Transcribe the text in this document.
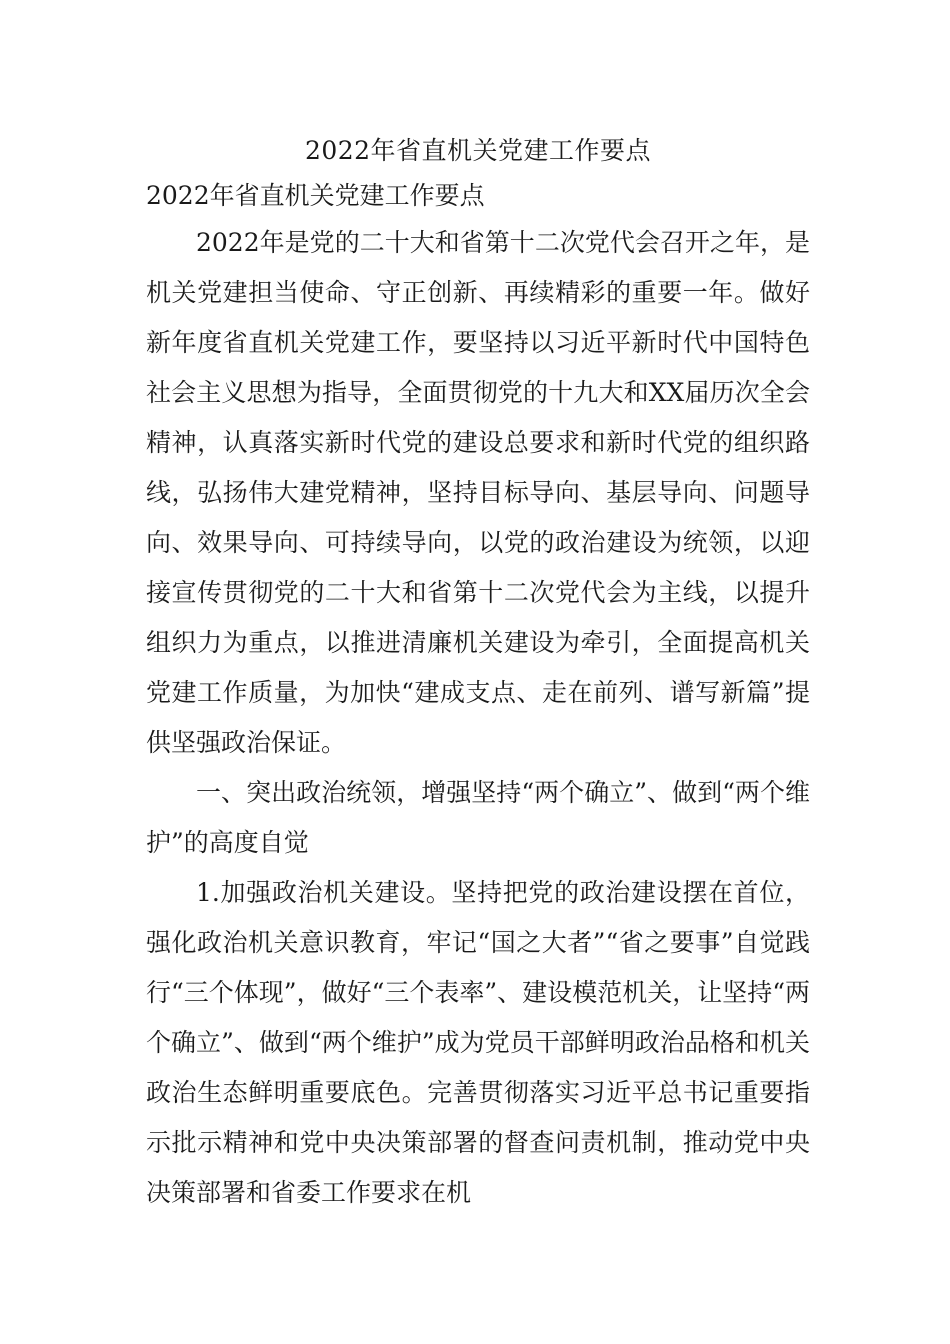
2022年省直机关党建工作要点

2022年省直机关党建工作要点

2022年是党的二十大和省第十二次党代会召开之年，是机关党建担当使命、守正创新、再续精彩的重要一年。做好新年度省直机关党建工作，要坚持以习近平新时代中国特色社会主义思想为指导，全面贯彻党的十九大和XX届历次全会精神，认真落实新时代党的建设总要求和新时代党的组织路线，弘扬伟大建党精神，坚持目标导向、基层导向、问题导向、效果导向、可持续导向，以党的政治建设为统领，以迎接宣传贯彻党的二十大和省第十二次党代会为主线，以提升组织力为重点，以推进清廉机关建设为牵引，全面提高机关党建工作质量，为加快“建成支点、走在前列、谱写新篇”提供坚强政治保证。

一、突出政治统领，增强坚持“两个确立”、做到“两个维护”的高度自觉

1.加强政治机关建设。坚持把党的政治建设摆在首位，强化政治机关意识教育，牢记“国之大者”“省之要事”自觉践行“三个体现”，做好“三个表率”、建设模范机关，让坚持“两个确立”、做到“两个维护”成为党员干部鲜明政治品格和机关政治生态鲜明重要底色。完善贯彻落实习近平总书记重要指示批示精神和党中央决策部署的督查问责机制，推动党中央决策部署和省委工作要求在机
